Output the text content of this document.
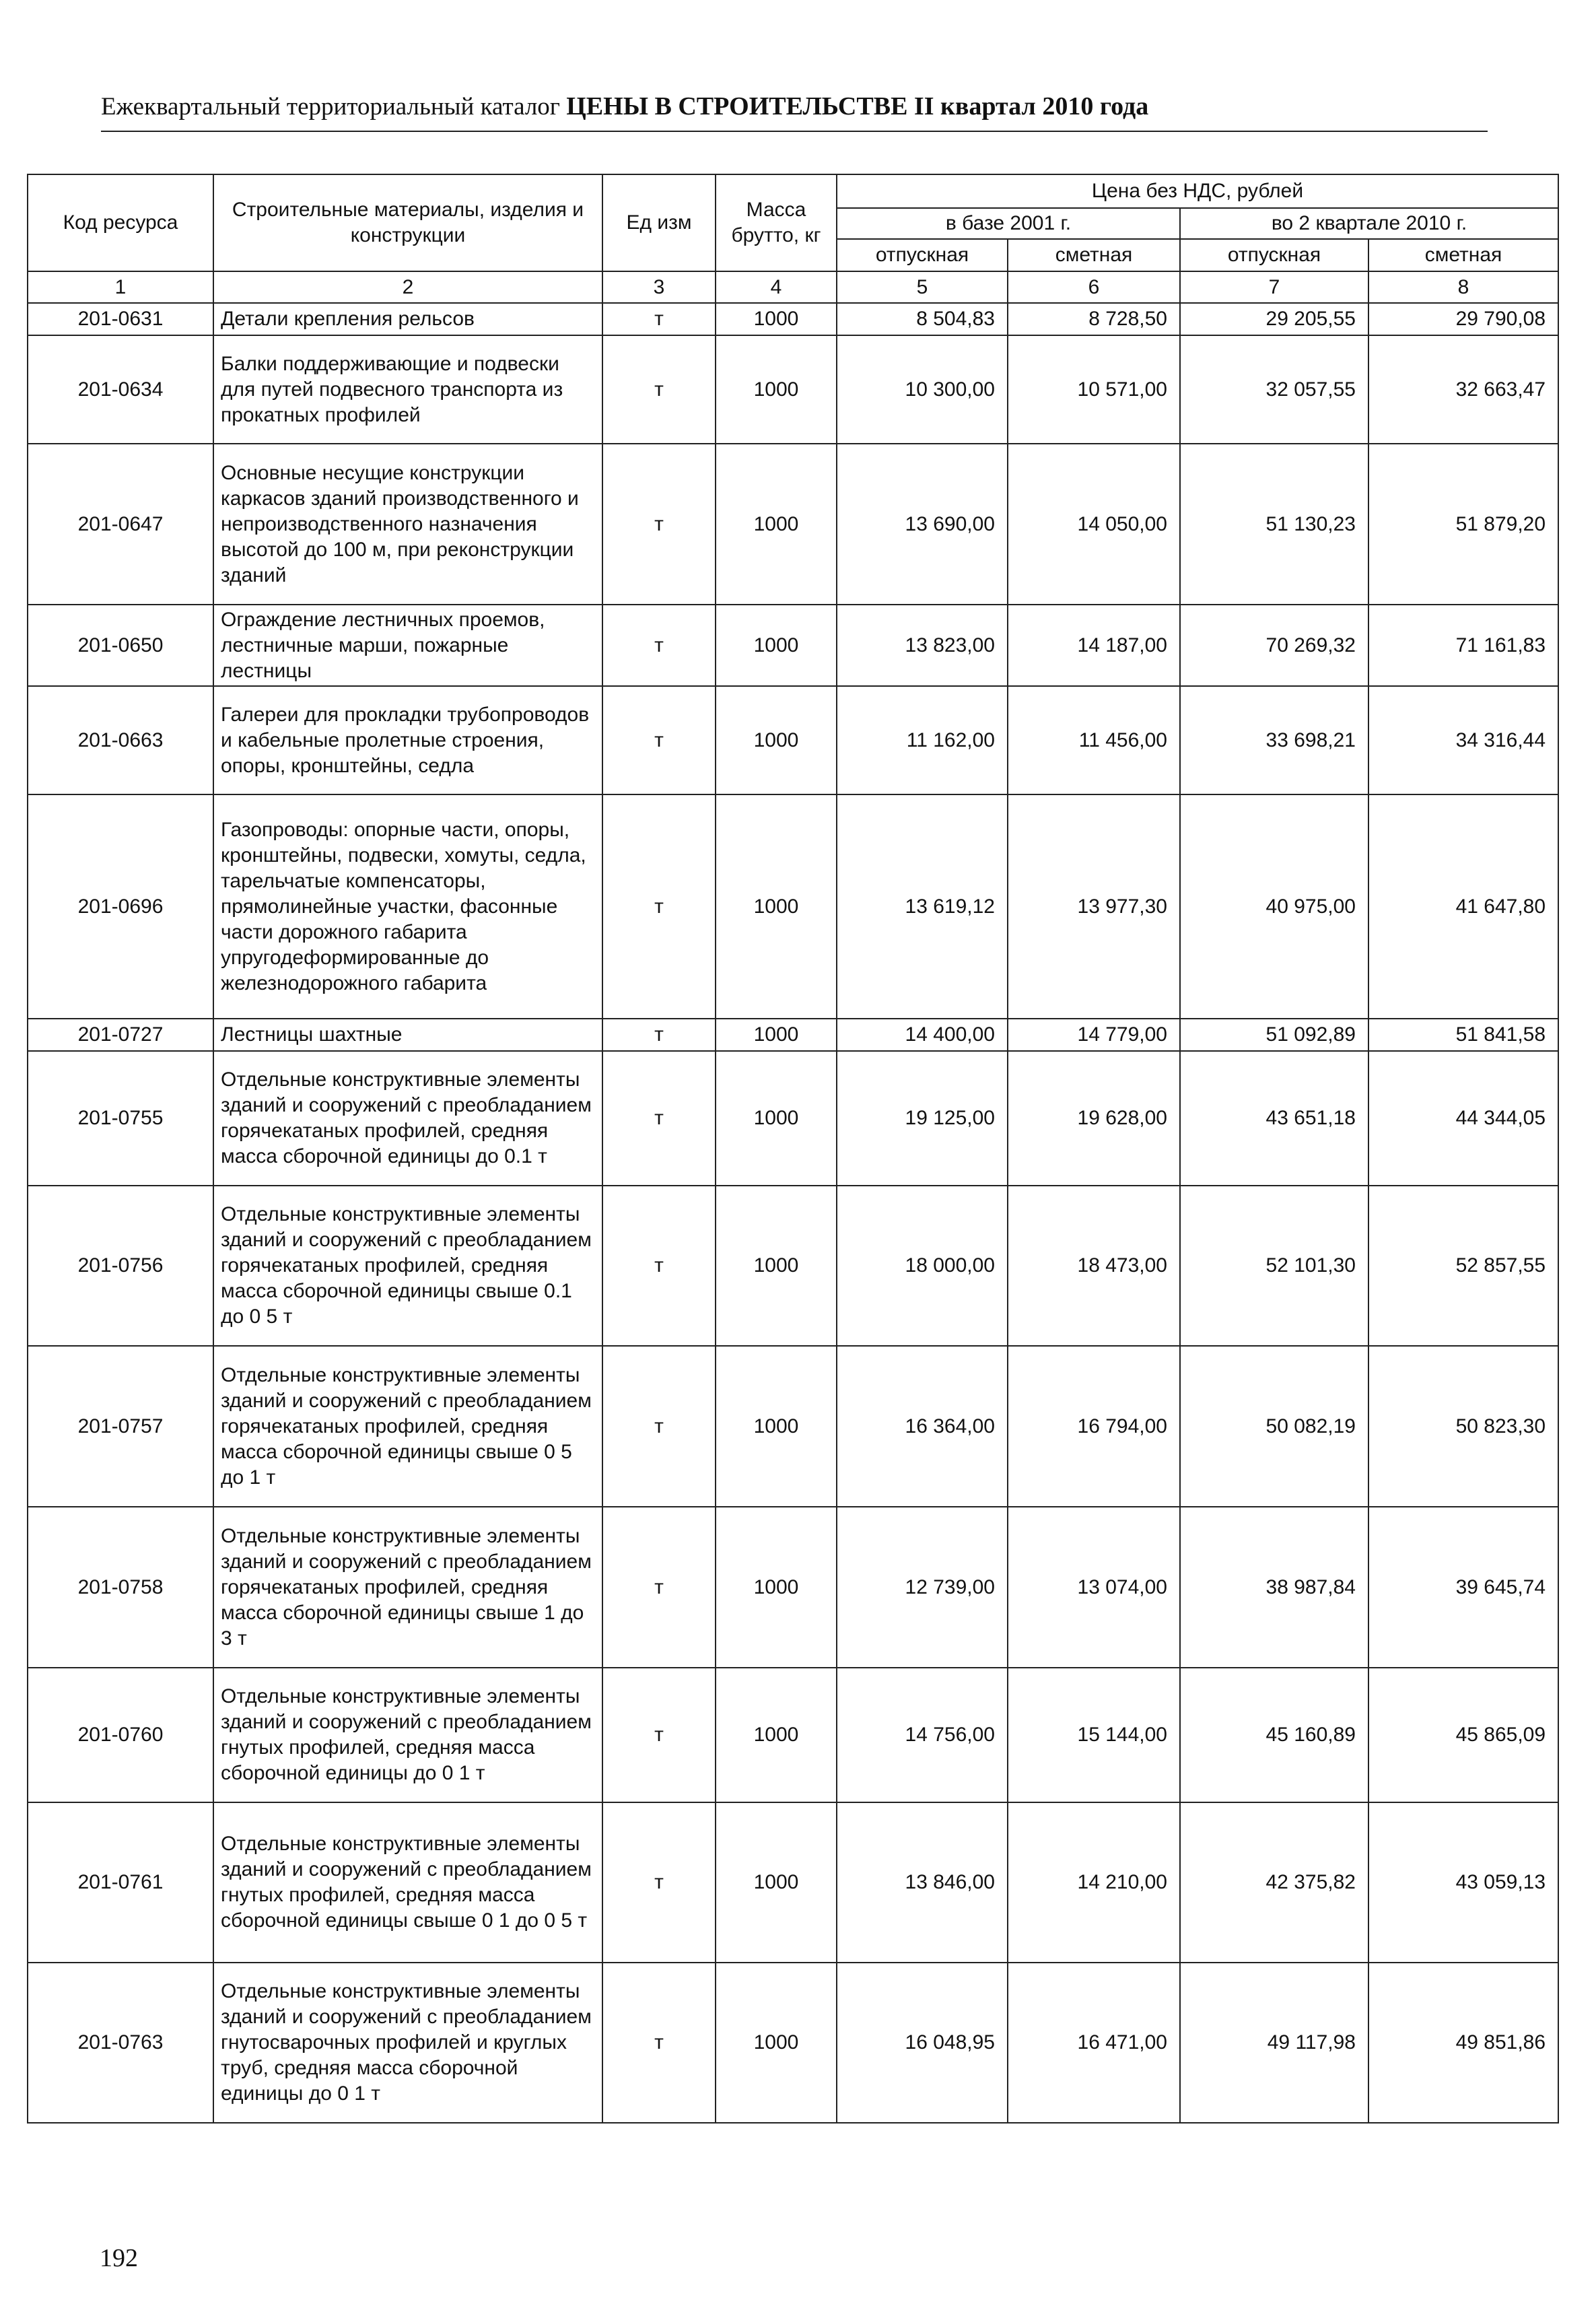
Ежеквартальный территориальный каталог ЦЕНЫ В СТРОИТЕЛЬСТВЕ II квартал 2010 года
Код ресурса	Строительные материалы, изделия и конструкции	Ед изм	Масса брутто, кг	Цена без НДС, рублей			
				в базе 2001 г.		во 2 квартале 2010 г.	
				отпускная	сметная	отпускная	сметная
1	2	3	4	5	6	7	8
201-0631	Детали крепления рельсов	т	1000	8 504,83	8 728,50	29 205,55	29 790,08
201-0634	Балки поддерживающие и подвески для путей подвесного транспорта из прокатных профилей	т	1000	10 300,00	10 571,00	32 057,55	32 663,47
201-0647	Основные несущие конструкции каркасов зданий производственного и непроизводственного назначения высотой до 100 м, при реконструкции зданий	т	1000	13 690,00	14 050,00	51 130,23	51 879,20
201-0650	Ограждение лестничных проемов, лестничные марши, пожарные лестницы	т	1000	13 823,00	14 187,00	70 269,32	71 161,83
201-0663	Галереи для прокладки трубопроводов и кабельные пролетные строения, опоры, кронштейны, седла	т	1000	11 162,00	11 456,00	33 698,21	34 316,44
201-0696	Газопроводы: опорные части, опоры, кронштейны, подвески, хомуты, седла, тарельчатые компенсаторы, прямолинейные участки, фасонные части дорожного габарита упругодеформированные до железнодорожного габарита	т	1000	13 619,12	13 977,30	40 975,00	41 647,80
201-0727	Лестницы шахтные	т	1000	14 400,00	14 779,00	51 092,89	51 841,58
201-0755	Отдельные конструктивные элементы зданий и сооружений с преобладанием горячекатаных профилей, средняя масса сборочной единицы до 0.1 т	т	1000	19 125,00	19 628,00	43 651,18	44 344,05
201-0756	Отдельные конструктивные элементы зданий и сооружений с преобладанием горячекатаных профилей, средняя масса сборочной единицы свыше 0.1 до 0 5 т	т	1000	18 000,00	18 473,00	52 101,30	52 857,55
201-0757	Отдельные конструктивные элементы зданий и сооружений с преобладанием горячекатаных профилей, средняя масса сборочной единицы свыше 0 5 до 1 т	т	1000	16 364,00	16 794,00	50 082,19	50 823,30
201-0758	Отдельные конструктивные элементы зданий и сооружений с преобладанием горячекатаных профилей, средняя масса сборочной единицы свыше 1 до 3 т	т	1000	12 739,00	13 074,00	38 987,84	39 645,74
201-0760	Отдельные конструктивные элементы зданий и сооружений с преобладанием гнутых профилей, средняя масса сборочной единицы до 0 1 т	т	1000	14 756,00	15 144,00	45 160,89	45 865,09
201-0761	Отдельные конструктивные элементы зданий и сооружений с преобладанием гнутых профилей, средняя масса сборочной единицы свыше 0 1 до 0 5 т	т	1000	13 846,00	14 210,00	42 375,82	43 059,13
201-0763	Отдельные конструктивные элементы зданий и сооружений с преобладанием гнутосварочных профилей и круглых труб, средняя масса сборочной единицы до 0 1 т	т	1000	16 048,95	16 471,00	49 117,98	49 851,86
192
